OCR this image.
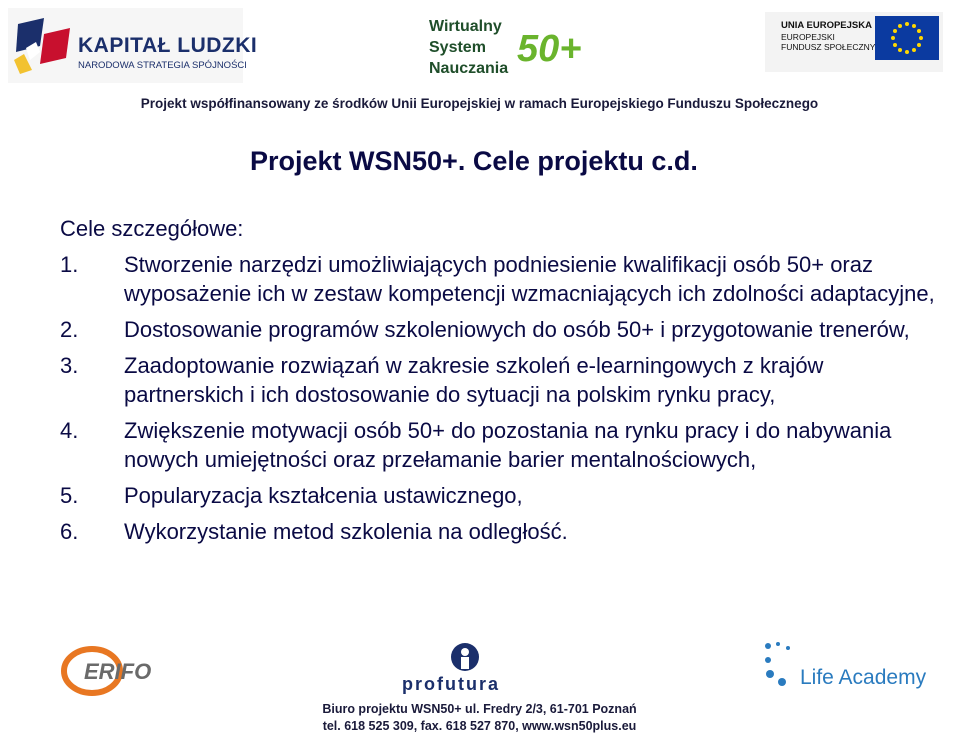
KAPITAŁ LUDZKI
NARODOWA STRATEGIA SPÓJNOŚCI
Wirtualny
System
Nauczania 50+
UNIA EUROPEJSKA
EUROPEJSKI
FUNDUSZ SPOŁECZNY
Projekt współfinansowany ze środków Unii Europejskiej w ramach Europejskiego Funduszu Społecznego
Projekt WSN50+. Cele projektu c.d.
Cele szczegółowe:
1. Stworzenie narzędzi umożliwiających podniesienie kwalifikacji osób 50+ oraz wyposażenie ich w zestaw kompetencji wzmacniających ich zdolności adaptacyjne,
2. Dostosowanie programów szkoleniowych do osób 50+ i przygotowanie trenerów,
3. Zaadoptowanie rozwiązań w zakresie szkoleń e-learningowych z krajów partnerskich i ich dostosowanie do sytuacji na polskim rynku pracy,
4. Zwiększenie motywacji osób 50+ do pozostania na rynku pracy i do nabywania nowych umiejętności oraz przełamanie barier mentalnościowych,
5. Popularyzacja kształcenia ustawicznego,
6. Wykorzystanie metod szkolenia na odległość.
ERIFO	profutura	Life Academy
Biuro projektu WSN50+ ul. Fredry 2/3, 61-701 Poznań
tel. 618 525 309, fax. 618 527 870, www.wsn50plus.eu
